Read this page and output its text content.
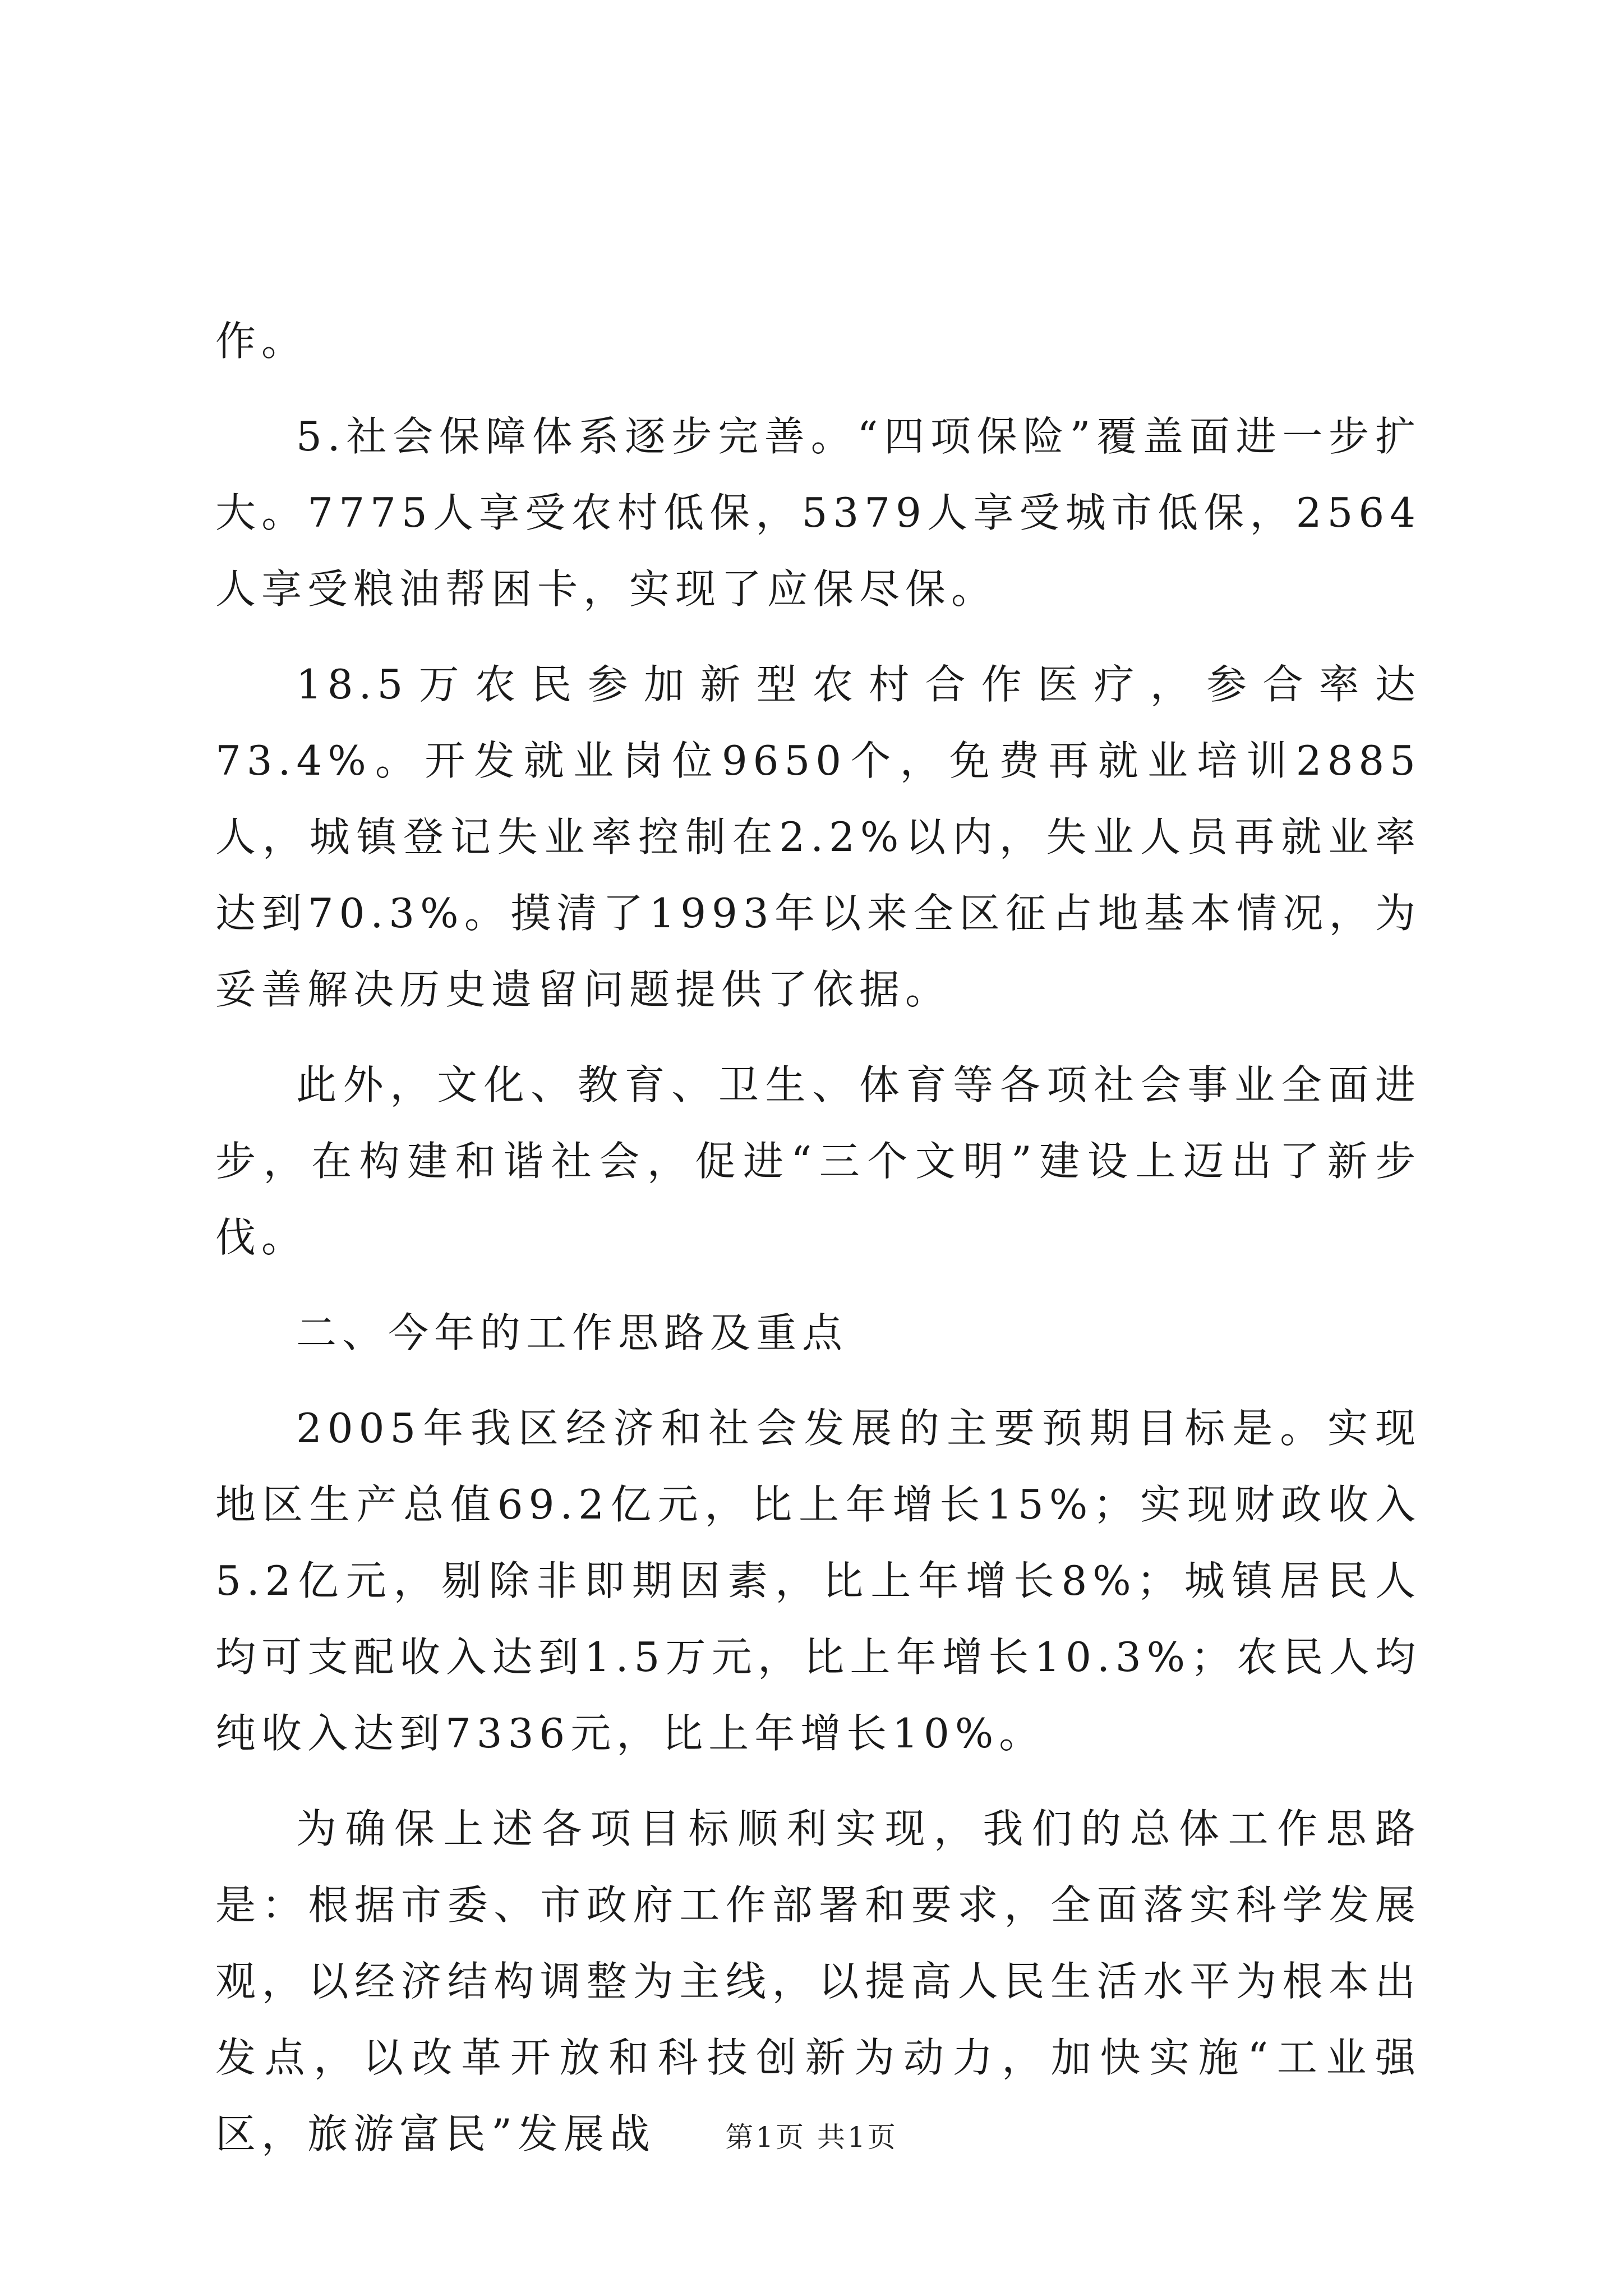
作。

5.社会保障体系逐步完善。“四项保险”覆盖面进一步扩大。7775人享受农村低保，5379人享受城市低保，2564人享受粮油帮困卡，实现了应保尽保。

18.5万农民参加新型农村合作医疗，参合率达73.4%。开发就业岗位9650个，免费再就业培训2885人，城镇登记失业率控制在2.2%以内，失业人员再就业率达到70.3%。摸清了1993年以来全区征占地基本情况，为妥善解决历史遗留问题提供了依据。

此外，文化、教育、卫生、体育等各项社会事业全面进步，在构建和谐社会，促进“三个文明”建设上迈出了新步伐。

二、今年的工作思路及重点

2005年我区经济和社会发展的主要预期目标是。实现地区生产总值69.2亿元，比上年增长15%；实现财政收入5.2亿元，剔除非即期因素，比上年增长8%；城镇居民人均可支配收入达到1.5万元，比上年增长10.3%；农民人均纯收入达到7336元，比上年增长10%。

为确保上述各项目标顺利实现，我们的总体工作思路是：根据市委、市政府工作部署和要求，全面落实科学发展观，以经济结构调整为主线，以提高人民生活水平为根本出发点，以改革开放和科技创新为动力，加快实施“工业强区，旅游富民”发展战	第1页 共1页
